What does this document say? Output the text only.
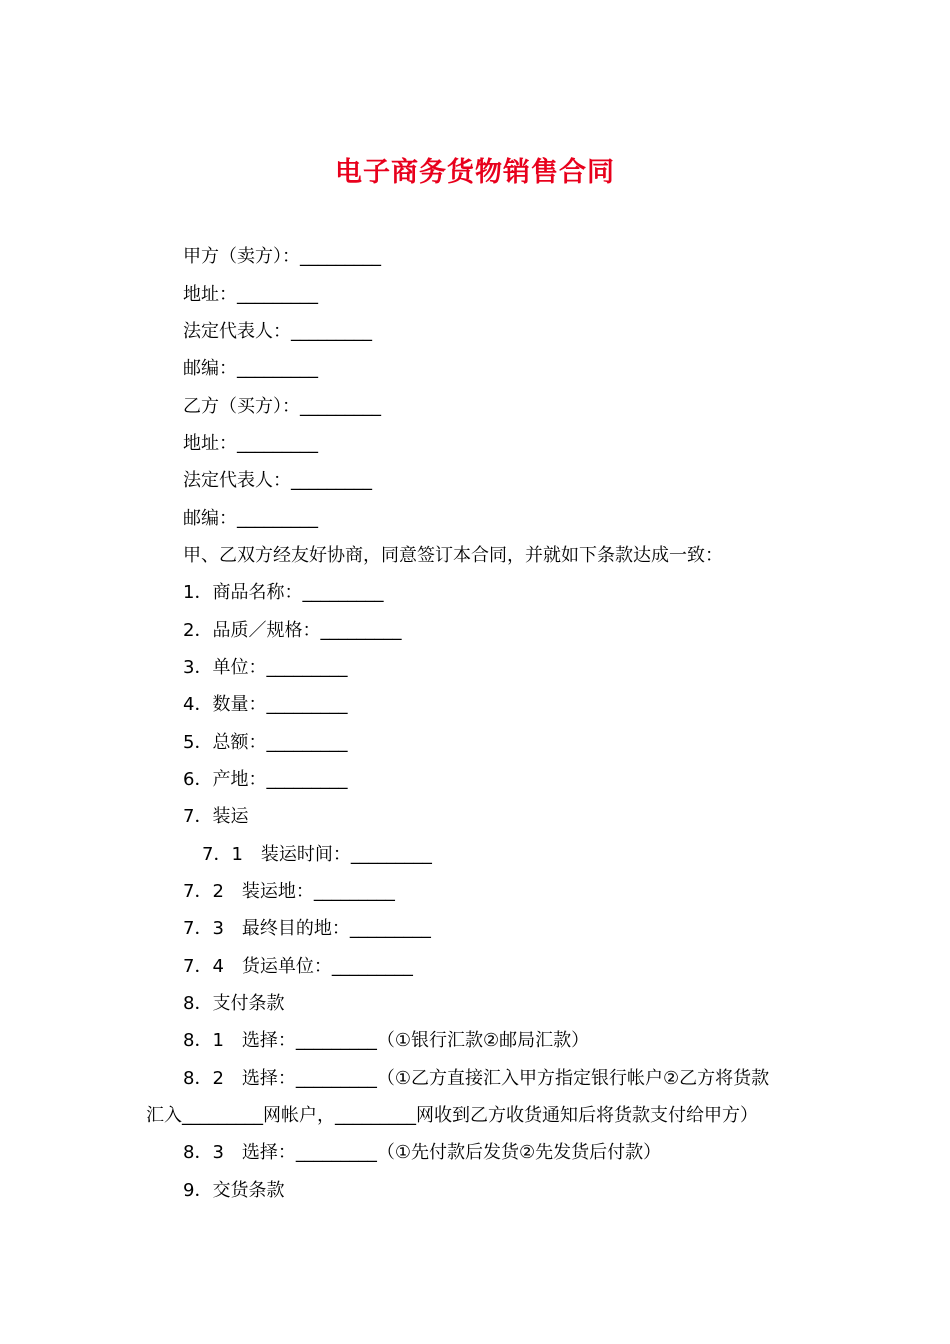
电子商务货物销售合同
甲方（卖方）：_________
地址：_________
法定代表人：_________
邮编：_________
乙方（买方）：_________
地址：_________
法定代表人：_________
邮编：_________
甲、乙双方经友好协商，同意签订本合同，并就如下条款达成一致：
1．商品名称：_________
2．品质／规格：_________
3．单位：_________
4．数量：_________
5．总额：_________
6．产地：_________
7．装运
7．1　装运时间：_________
7．2　装运地：_________
7．3　最终目的地：_________
7．4　货运单位：_________
8．支付条款
8．1　选择：_________（①银行汇款②邮局汇款）
8．2　选择：_________（①乙方直接汇入甲方指定银行帐户②乙方将货款
汇入_________网帐户，_________网收到乙方收货通知后将货款支付给甲方）
8．3　选择：_________（①先付款后发货②先发货后付款）
9．交货条款
